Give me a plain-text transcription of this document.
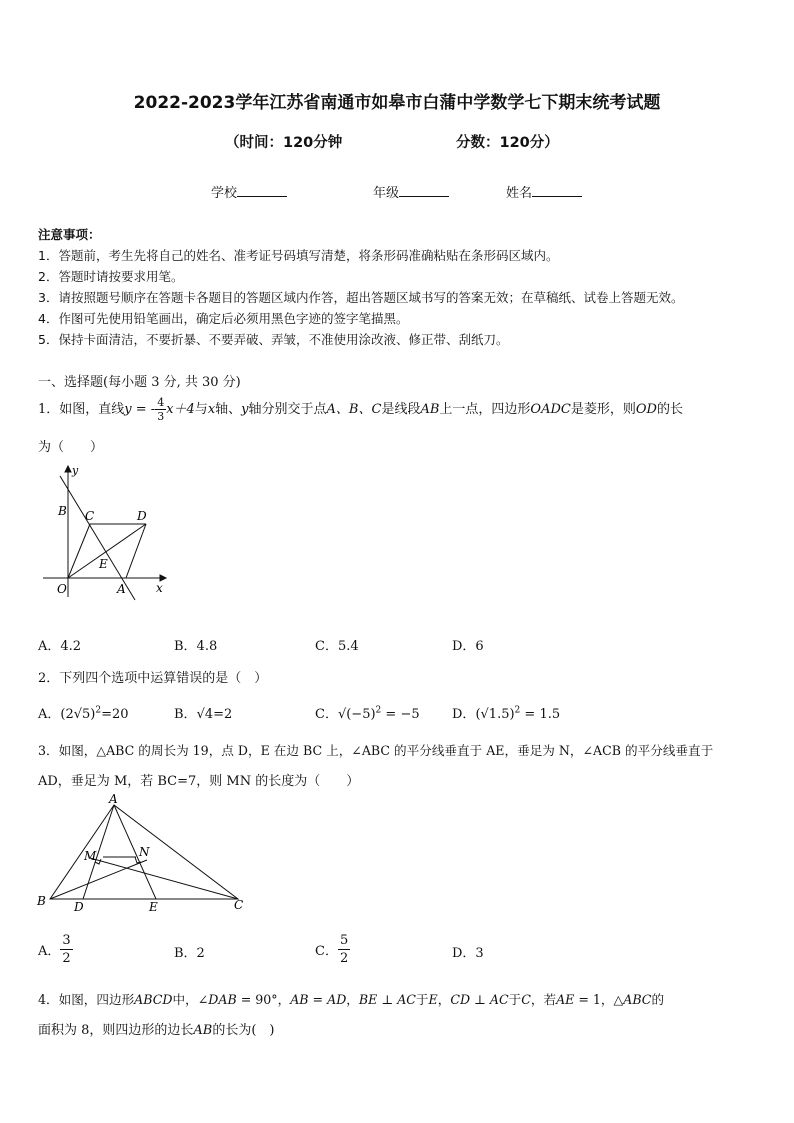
2022-2023学年江苏省南通市如皋市白蒲中学数学七下期末统考试题
（时间：120分钟	分数：120分）
学校	年级	姓名
注意事项：
1．答题前，考生先将自己的姓名、准考证号码填写清楚，将条形码准确粘贴在条形码区域内。
2．答题时请按要求用笔。
3．请按照题号顺序在答题卡各题目的答题区域内作答，超出答题区域书写的答案无效；在草稿纸、试卷上答题无效。
4．作图可先使用铅笔画出，确定后必须用黑色字迹的签字笔描黑。
5．保持卡面清洁，不要折暴、不要弄破、弄皱，不准使用涂改液、修正带、刮纸刀。
一、选择题(每小题 3 分, 共 30 分)
1．如图，直线y = - $\frac{4}{3} x+4$与x轴、y轴分别交于点A、B、C是线段AB上一点，四边形OADC是菱形，则OD的长
为（　　）
y
x
B C	D
E
O	A
A．4.2	B．4.8	C．5.4	D．6
2．下列四个选项中运算错误的是（　）
A．$(2√5)^2=20$	B．√4=2	C．$√(-5)^2 = -5$ D．$(√1.5)^2 = 1.5$
3．如图，△ABC 的周长为 19，点 D，E 在边 BC 上，∠ABC 的平分线垂直于 AE，垂足为 N，∠ACB 的平分线垂直于
AD，垂足为 M，若 BC=7，则 MN 的长度为（　　）
A
B	C
D	E
M	N
A． $\frac{3}{2}$	B．2	C． $\frac{5}{2}$	D．3
4．如图，四边形ABCD中，∠DAB = 90°，AB = AD，BE ⊥ AC于E，CD ⊥ AC于C，若AE = 1，△ABC的
面积为 8，则四边形的边长AB的长为(　)
